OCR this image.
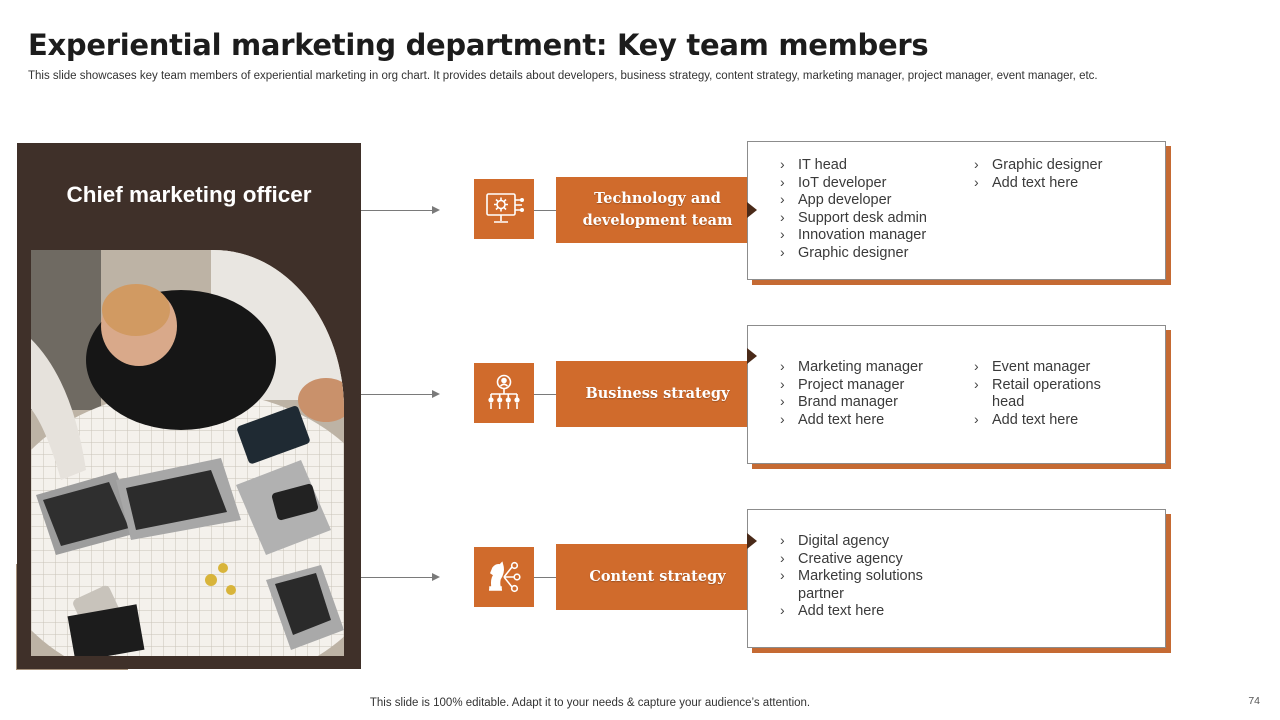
Experiential marketing department: Key team members
This slide showcases key team members of experiential marketing in org chart. It provides details about developers, business strategy, content strategy, marketing manager, project manager, event manager, etc.
Chief marketing officer	Technology and development team
› IT head
› IoT developer
› App developer
› Support desk admin
› Innovation manager
› Graphic designer
› Graphic designer
› Add text here
Business strategy
› Marketing manager
› Project manager
› Brand manager
› Add text here
› Event manager
› Retail operations head
› Add text here
Content strategy
› Digital agency
› Creative agency
› Marketing solutions partner
› Add text here
This slide is 100% editable. Adapt it to your needs & capture your audience’s attention.	74
